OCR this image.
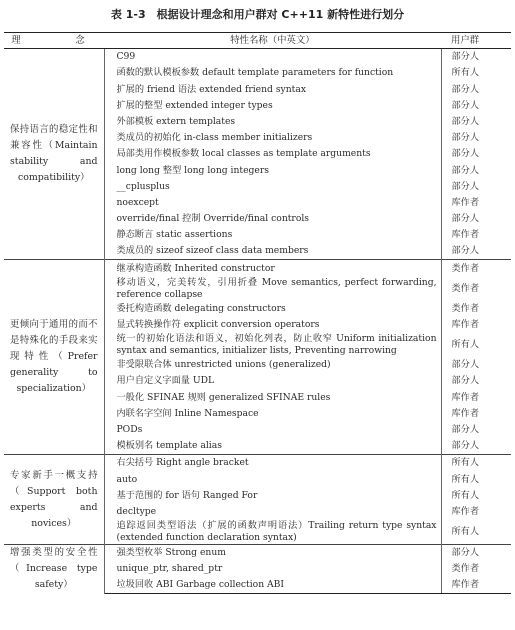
表 1-3　根据设计理念和用户群对 C++11 新特性进行划分
理　　念	特性名称（中英文）	用户群
保持语言的稳定性和兼容性（Maintain stability and compatibility）	C99	部分人
	函数的默认模板参数 default template parameters for function	所有人
	扩展的 friend 语法 extended friend syntax	部分人
	扩展的整型 extended integer types	部分人
	外部模板 extern templates	部分人
	类成员的初始化 in-class member initializers	部分人
	局部类用作模板参数 local classes as template arguments	部分人
	long long 整型 long long integers	部分人
	__cplusplus	部分人
	noexcept	库作者
	override/final 控制 Override/final controls	部分人
	静态断言 static assertions	库作者
	类成员的 sizeof sizeof class data members	部分人
更倾向于通用的而不是特殊化的手段来实现特性（Prefer generality to specialization）	继承构造函数 Inherited constructor	类作者
	移动语义，完美转发，引用折叠 Move semantics, perfect forwarding, reference collapse	类作者
	委托构造函数 delegating constructors	类作者
	显式转换操作符 explicit conversion operators	库作者
	统一的初始化语法和语义，初始化列表，防止收窄 Uniform initialization syntax and semantics, initializer lists, Preventing narrowing	所有人
	非受限联合体 unrestricted unions (generalized)	部分人
	用户自定义字面量 UDL	部分人
	一般化 SFINAE 规则 generalized SFINAE rules	库作者
	内联名字空间 Inline Namespace	库作者
	PODs	部分人
	模板别名 template alias	部分人
专家新手一概支持（Support both experts and novices）	右尖括号 Right angle bracket	所有人
	auto	所有人
	基于范围的 for 语句 Ranged For	所有人
	decltype	库作者
	追踪返回类型语法（扩展的函数声明语法）Trailing return type syntax (extended function declaration syntax)	所有人
增强类型的安全性（Increase type safety）	强类型枚举 Strong enum	部分人
	unique_ptr, shared_ptr	类作者
	垃圾回收 ABI Garbage collection ABI	库作者
